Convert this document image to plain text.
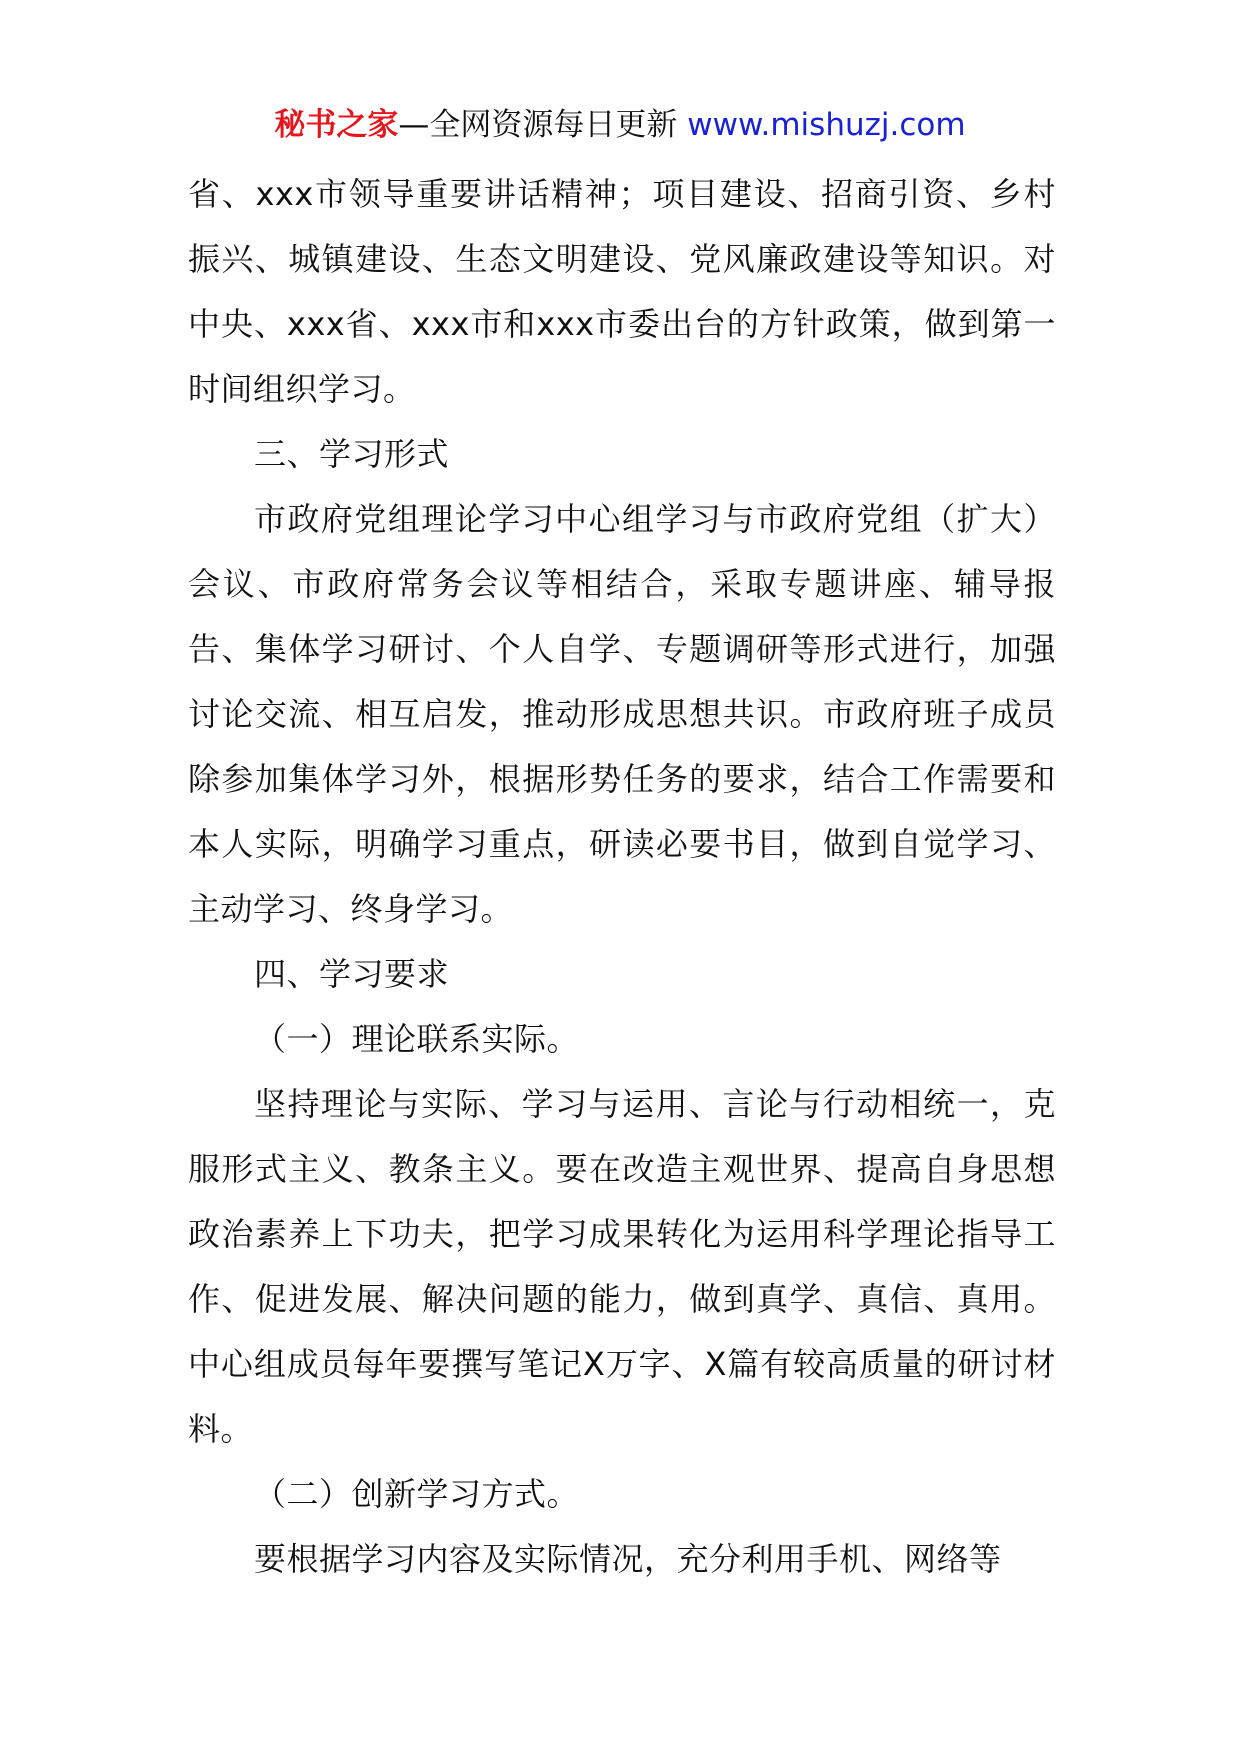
秘书之家—全网资源每日更新 www.mishuzj.com

省、xxx市领导重要讲话精神；项目建设、招商引资、乡村振兴、城镇建设、生态文明建设、党风廉政建设等知识。对中央、xxx省、xxx市和xxx市委出台的方针政策，做到第一时间组织学习。

三、学习形式

市政府党组理论学习中心组学习与市政府党组（扩大）会议、市政府常务会议等相结合，采取专题讲座、辅导报告、集体学习研讨、个人自学、专题调研等形式进行，加强讨论交流、相互启发，推动形成思想共识。市政府班子成员除参加集体学习外，根据形势任务的要求，结合工作需要和本人实际，明确学习重点，研读必要书目，做到自觉学习、主动学习、终身学习。

四、学习要求

（一）理论联系实际。

坚持理论与实际、学习与运用、言论与行动相统一，克服形式主义、教条主义。要在改造主观世界、提高自身思想政治素养上下功夫，把学习成果转化为运用科学理论指导工作、促进发展、解决问题的能力，做到真学、真信、真用。中心组成员每年要撰写笔记X万字、X篇有较高质量的研讨材料。

（二）创新学习方式。

要根据学习内容及实际情况，充分利用手机、网络等
